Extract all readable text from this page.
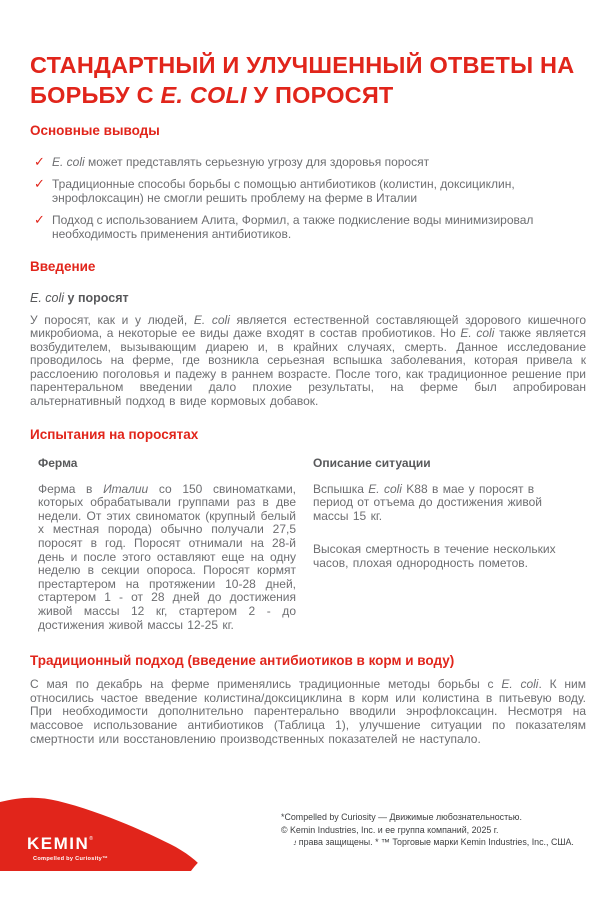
СТАНДАРТНЫЙ И УЛУЧШЕННЫЙ ОТВЕТЫ НА
БОРЬБУ С E. COLI У ПОРОСЯТ
Основные выводы
✓ E. coli может представлять серьезную угрозу для здоровья поросят
✓ Традиционные способы борьбы с помощью антибиотиков (колистин, доксициклин, энрофлоксацин) не смогли решить проблему на ферме в Италии
✓ Подход с использованием Алита, Формил, а также подкисление воды минимизировал необходимость применения антибиотиков.
Введение
E. coli у поросят

У поросят, как и у людей, E. coli является естественной составляющей здорового кишечного микробиома, а некоторые ее виды даже входят в состав пробиотиков. Но E. coli также является возбудителем, вызывающим диарею и, в крайних случаях, смерть. Данное исследование проводилось на ферме, где возникла серьезная вспышка заболевания, которая привела к расслоению поголовья и падежу в раннем возрасте. После того, как традиционное решение при парентеральном введении дало плохие результаты, на ферме был апробирован альтернативный подход в виде кормовых добавок.

Испытания на поросятах
Ферма

Ферма в Италии со 150 свиноматками, которых обрабатывали группами раз в две недели. От этих свиноматок (крупный белый х местная порода) обычно получали 27,5 поросят в год. Поросят отнимали на 28-й день и после этого оставляют еще на одну неделю в секции опороса. Поросят кормят престартером на протяжении 10-28 дней, стартером 1 - от 28 дней до достижения живой массы 12 кг, стартером 2 - до достижения живой массы 12-25 кг.

Описание ситуации

Вспышка E. coli K88 в мае у поросят в период от отъема до достижения живой массы 15 кг.

Высокая смертность в течение нескольких часов, плохая однородность пометов.

Традиционный подход (введение антибиотиков в корм и воду)

С мая по декабрь на ферме применялись традиционные методы борьбы с E. coli. К ним относились частое введение колистина/доксициклина в корм или колистина в питьевую воду. При необходимости дополнительно парентерально вводили энрофлоксацин. Несмотря на массовое использование антибиотиков (Таблица 1), улучшение ситуации по показателям смертности или восстановлению производственных показателей не наступало.

*Compelled by Curiosity — Движимые любознательностью.
© Kemin Industries, Inc. и ее группа компаний, 2025 г.
Все права защищены. * ™ Торговые марки Kemin Industries, Inc., США.
KEMIN®
Compelled by Curiosity™
